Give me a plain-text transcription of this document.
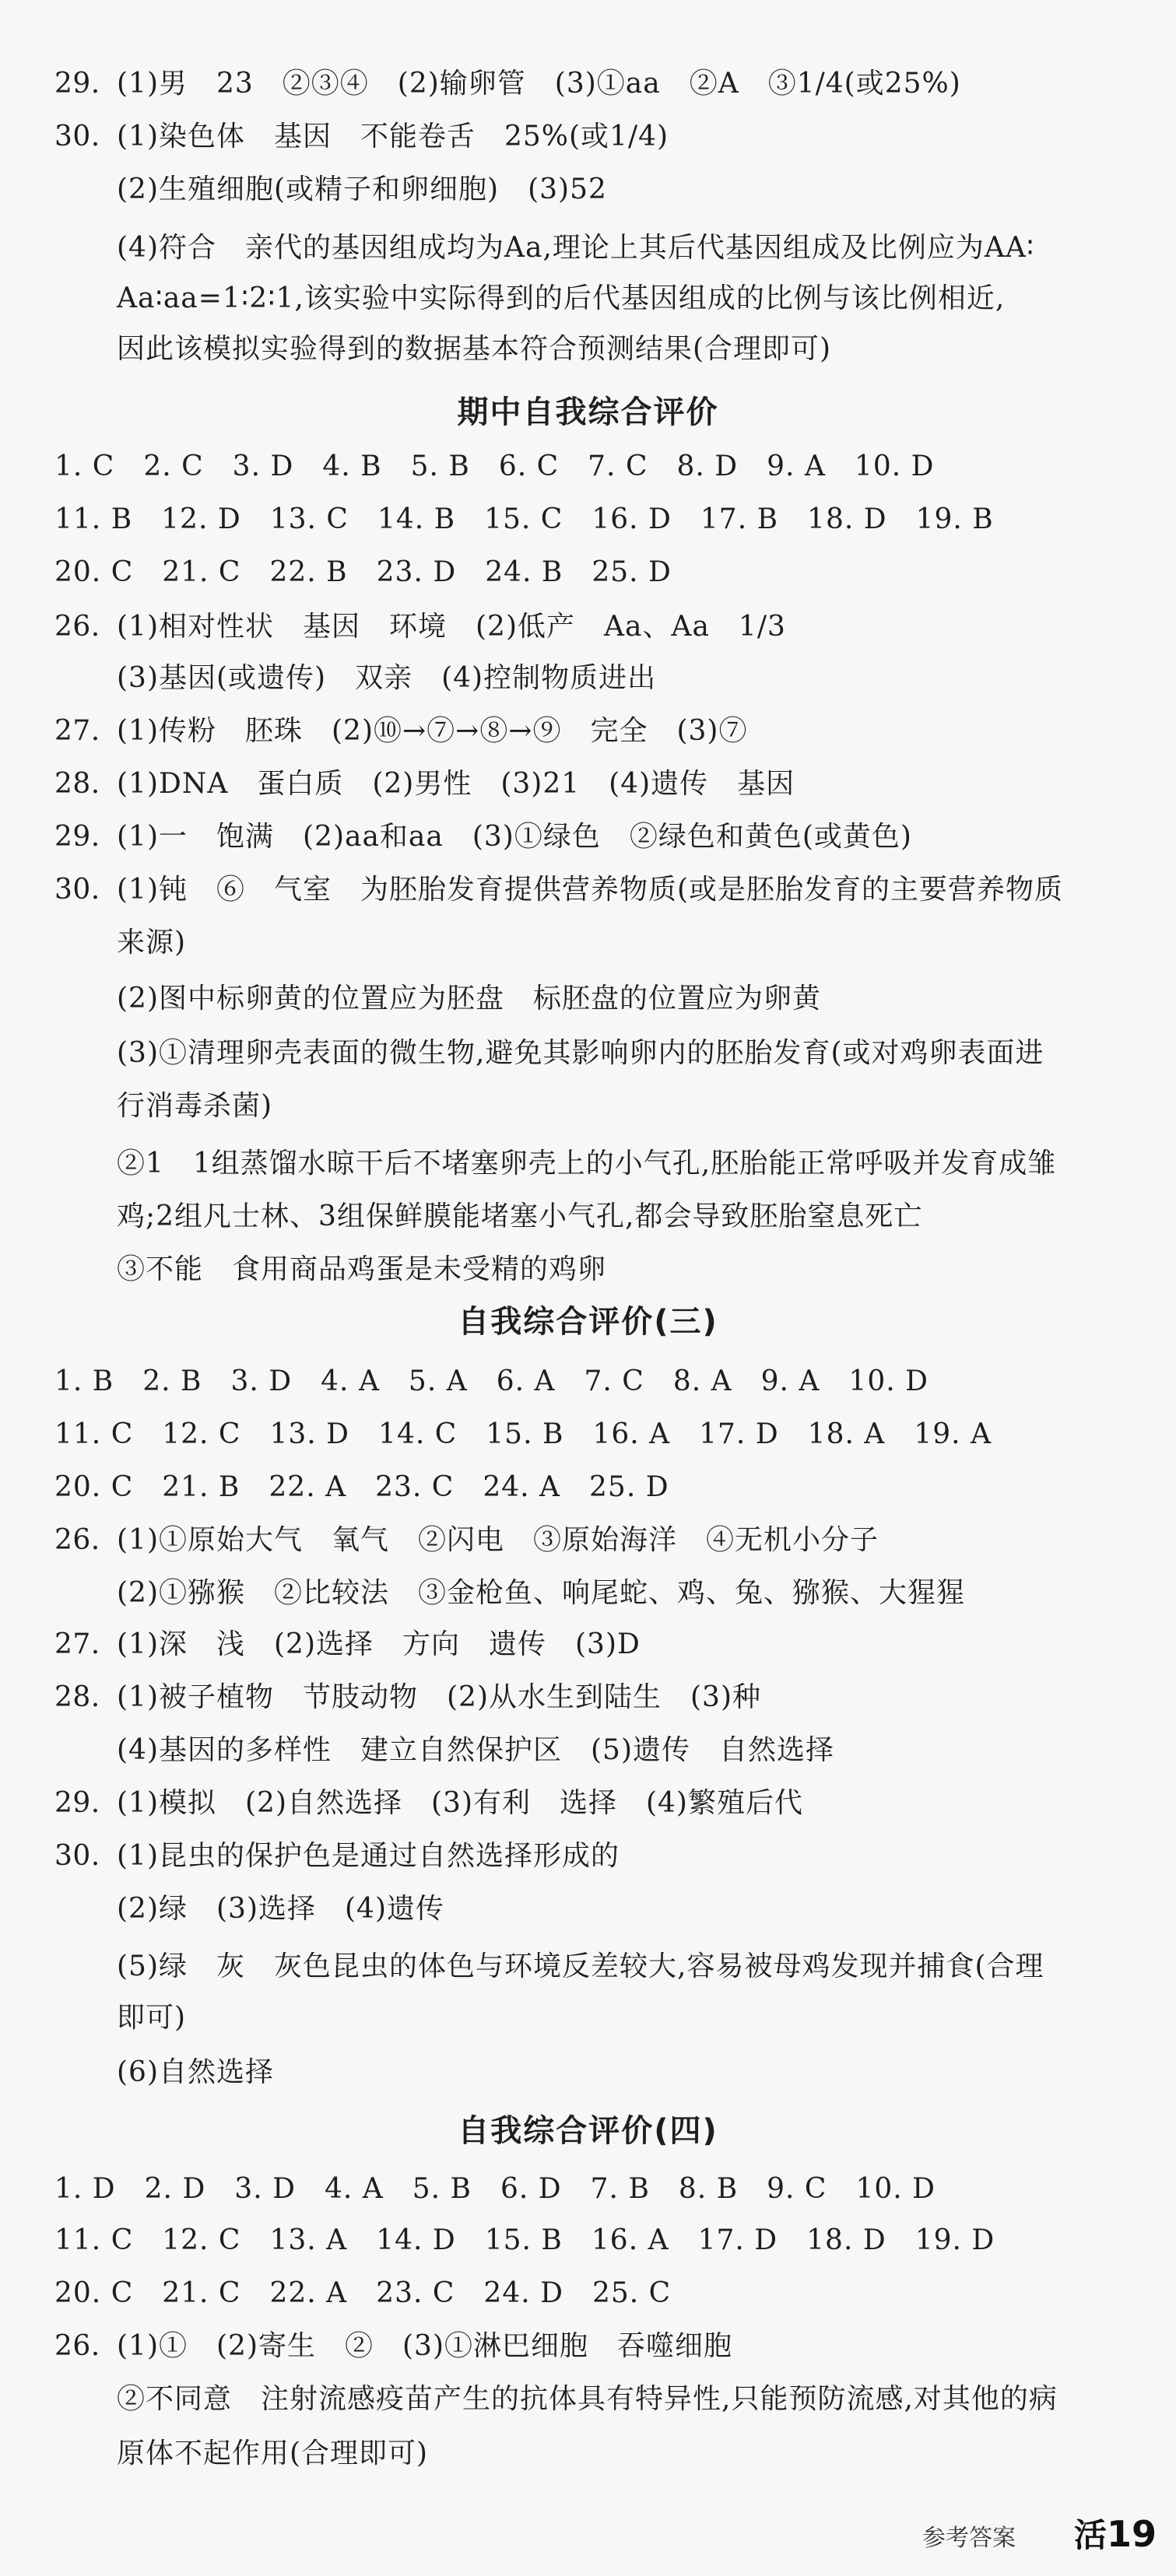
29. (1)男　23　②③④　(2)输卵管　(3)①aa　②A　③1/4(或25%)
30. (1)染色体　基因　不能卷舌　25%(或1/4)
(2)生殖细胞(或精子和卵细胞)　(3)52
(4)符合　亲代的基因组成均为Aa,理论上其后代基因组成及比例应为AA∶
Aa∶aa=1∶2∶1,该实验中实际得到的后代基因组成的比例与该比例相近,
因此该模拟实验得到的数据基本符合预测结果(合理即可)
期中自我综合评价
1. C　2. C　3. D　4. B　5. B　6. C　7. C　8. D　9. A　10. D
11. B　12. D　13. C　14. B　15. C　16. D　17. B　18. D　19. B
20. C　21. C　22. B　23. D　24. B　25. D
26. (1)相对性状　基因　环境　(2)低产　Aa、Aa　1/3
(3)基因(或遗传)　双亲　(4)控制物质进出
27. (1)传粉　胚珠　(2)⑩→⑦→⑧→⑨　完全　(3)⑦
28. (1)DNA　蛋白质　(2)男性　(3)21　(4)遗传　基因
29. (1)一　饱满　(2)aa和aa　(3)①绿色　②绿色和黄色(或黄色)
30. (1)钝　⑥　气室　为胚胎发育提供营养物质(或是胚胎发育的主要营养物质
来源)
(2)图中标卵黄的位置应为胚盘　标胚盘的位置应为卵黄
(3)①清理卵壳表面的微生物,避免其影响卵内的胚胎发育(或对鸡卵表面进
行消毒杀菌)
②1　1组蒸馏水晾干后不堵塞卵壳上的小气孔,胚胎能正常呼吸并发育成雏
鸡;2组凡士林、3组保鲜膜能堵塞小气孔,都会导致胚胎窒息死亡
③不能　食用商品鸡蛋是未受精的鸡卵
自我综合评价(三)
1. B　2. B　3. D　4. A　5. A　6. A　7. C　8. A　9. A　10. D
11. C　12. C　13. D　14. C　15. B　16. A　17. D　18. A　19. A
20. C　21. B　22. A　23. C　24. A　25. D
26. (1)①原始大气　氧气　②闪电　③原始海洋　④无机小分子
(2)①猕猴　②比较法　③金枪鱼、响尾蛇、鸡、兔、猕猴、大猩猩
27. (1)深　浅　(2)选择　方向　遗传　(3)D
28. (1)被子植物　节肢动物　(2)从水生到陆生　(3)种
(4)基因的多样性　建立自然保护区　(5)遗传　自然选择
29. (1)模拟　(2)自然选择　(3)有利　选择　(4)繁殖后代
30. (1)昆虫的保护色是通过自然选择形成的
(2)绿　(3)选择　(4)遗传
(5)绿　灰　灰色昆虫的体色与环境反差较大,容易被母鸡发现并捕食(合理
即可)
(6)自然选择
自我综合评价(四)
1. D　2. D　3. D　4. A　5. B　6. D　7. B　8. B　9. C　10. D
11. C　12. C　13. A　14. D　15. B　16. A　17. D　18. D　19. D
20. C　21. C　22. A　23. C　24. D　25. C
26. (1)①　(2)寄生　②　(3)①淋巴细胞　吞噬细胞
②不同意　注射流感疫苗产生的抗体具有特异性,只能预防流感,对其他的病
原体不起作用(合理即可)
参考答案 活19
